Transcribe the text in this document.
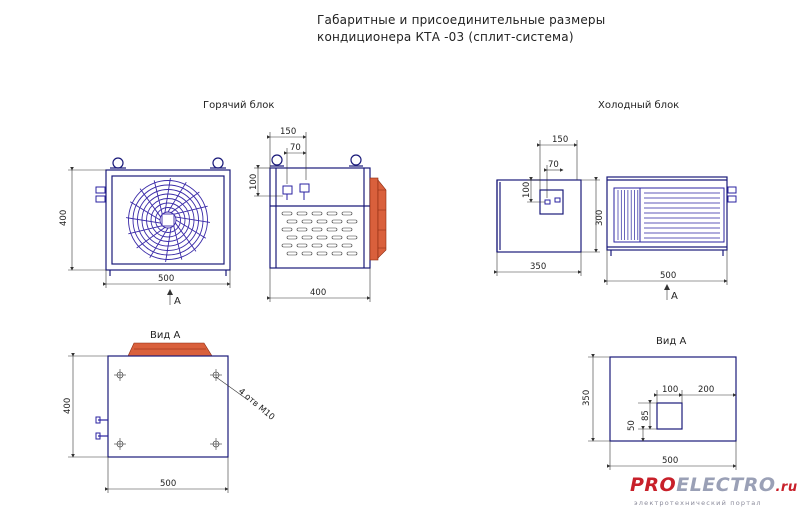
Габаритные и присоединительные размеры
кондиционера КТА -03 (сплит-система)
Горячий блок	Холодный блок
400
500
A
150
70
100
400
150
70
100
300
350
500
A
Вид А
400
500
4 отв M10
Вид А
350	100 200
50
85
500
PROELECTRO.ru
электротехнический портал
